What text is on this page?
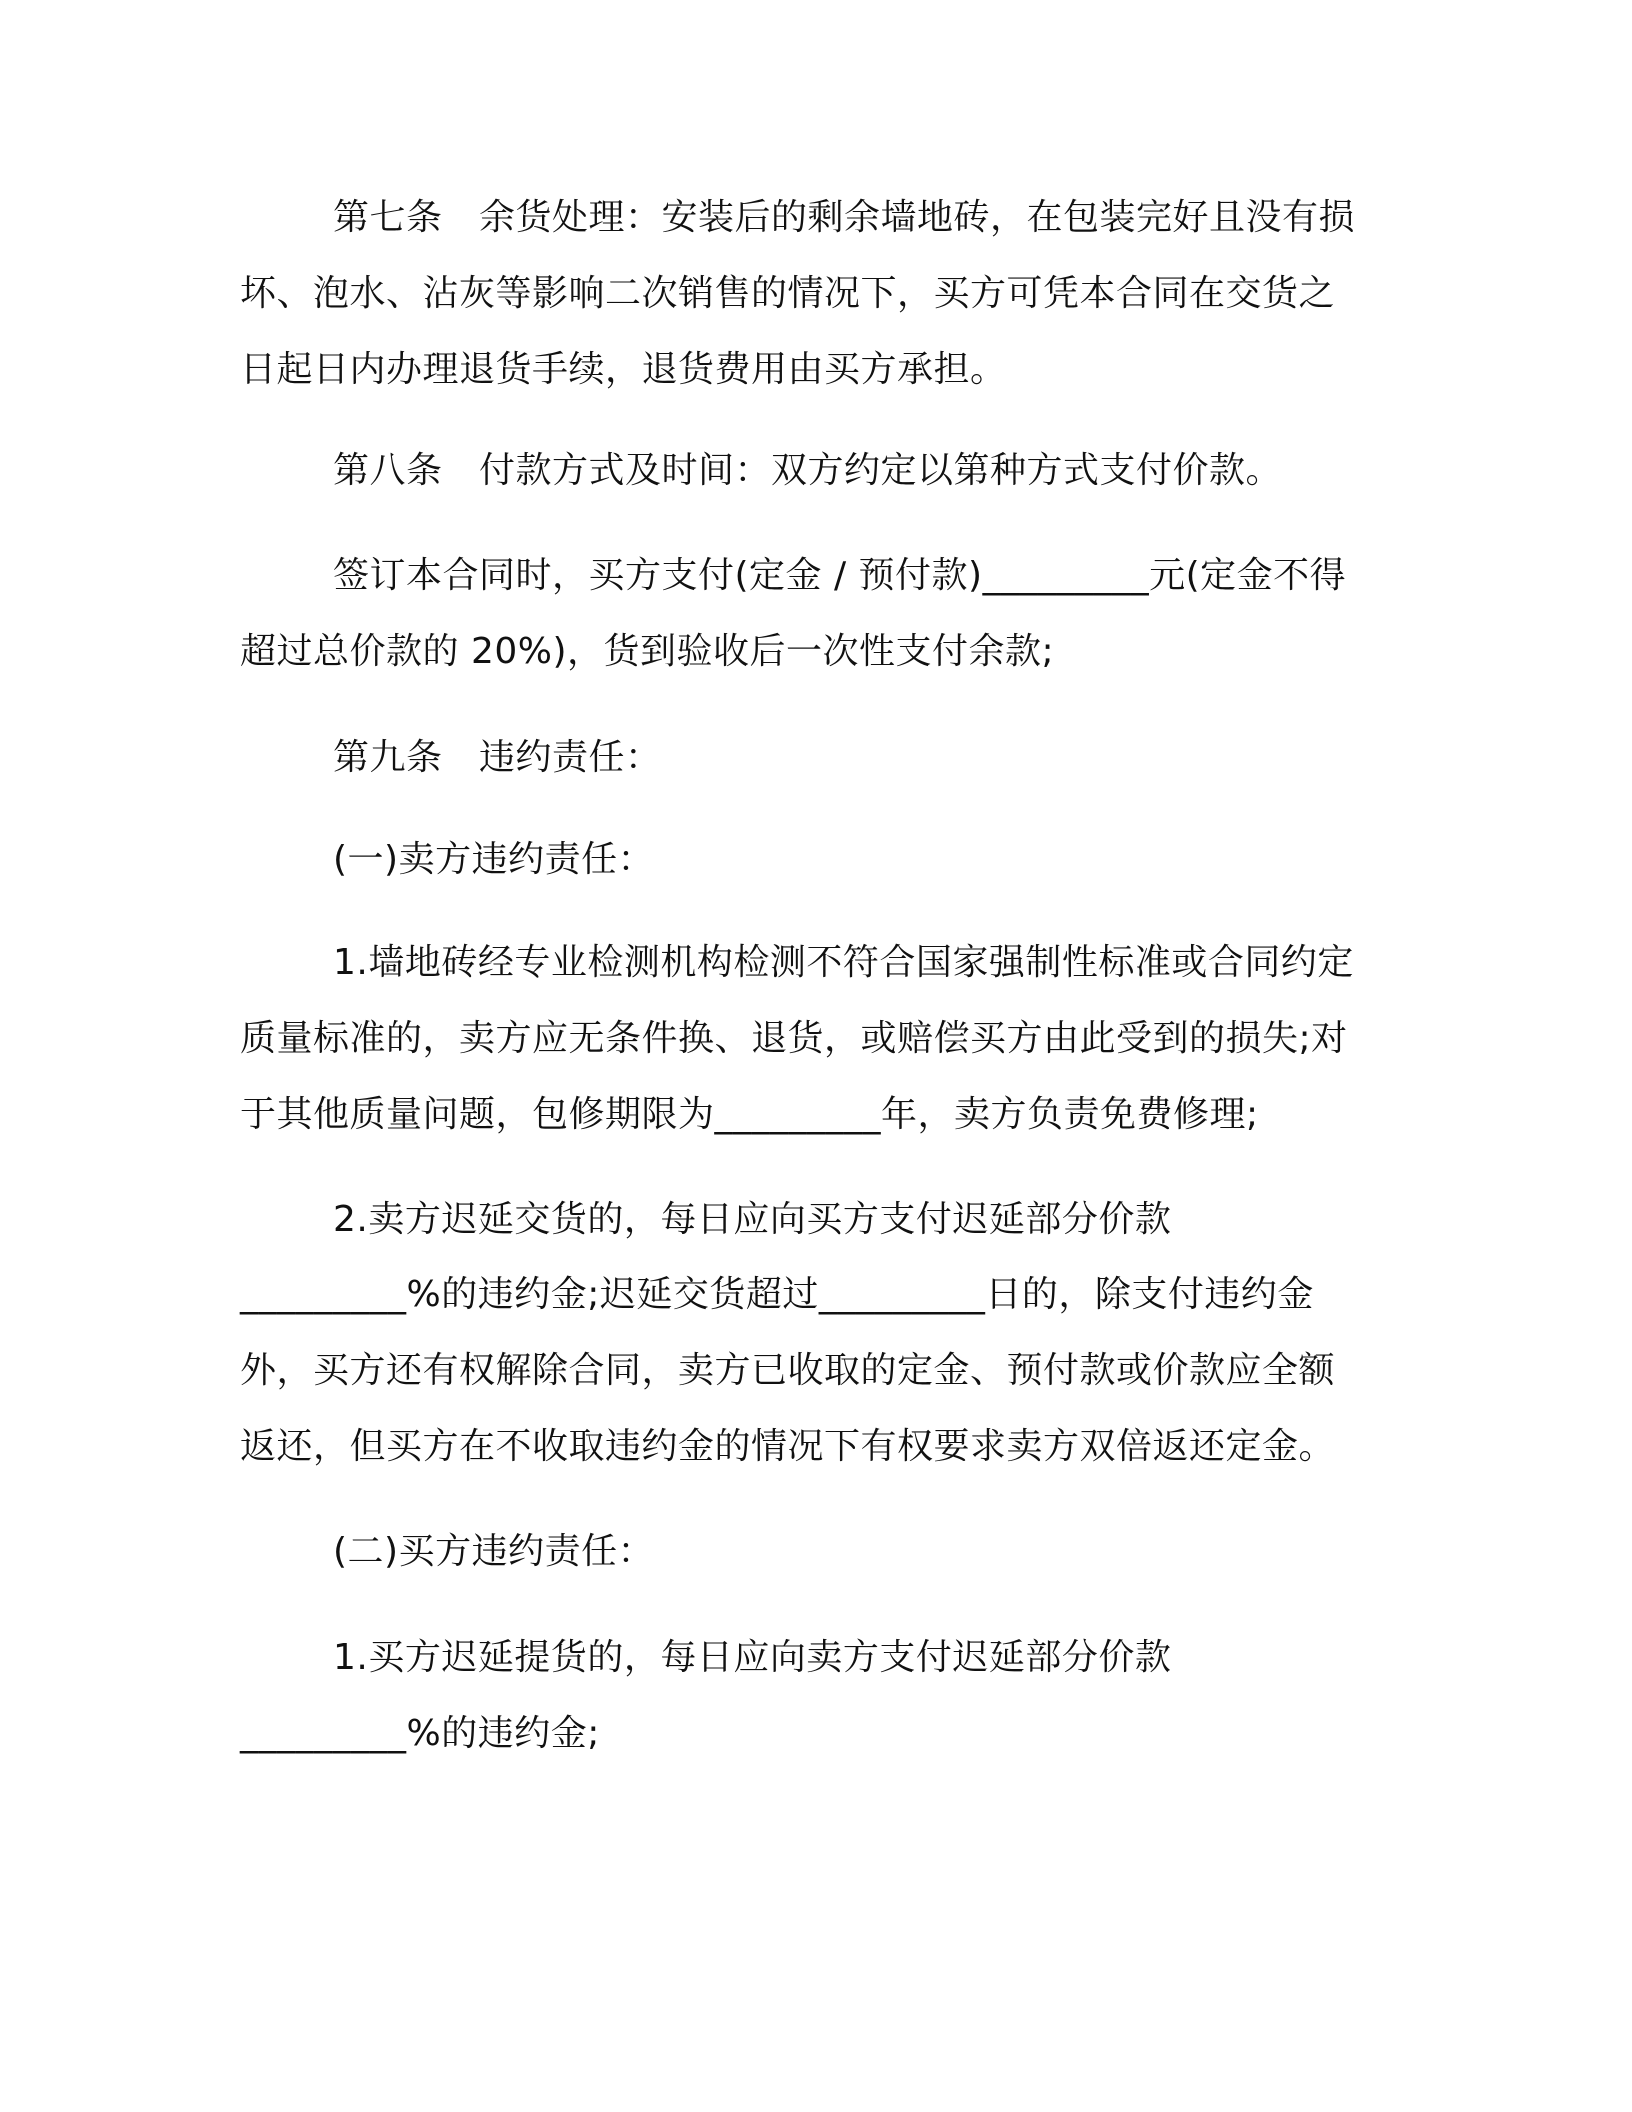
第七条　余货处理：安装后的剩余墙地砖，在包装完好且没有损
坏、泡水、沾灰等影响二次销售的情况下，买方可凭本合同在交货之
日起日内办理退货手续，退货费用由买方承担。
第八条　付款方式及时间：双方约定以第种方式支付价款。
签订本合同时，买方支付(定金 / 预付款)_________元(定金不得
超过总价款的 20%)，货到验收后一次性支付余款;
第九条　违约责任：
(一)卖方违约责任：
1.墙地砖经专业检测机构检测不符合国家强制性标准或合同约定
质量标准的，卖方应无条件换、退货，或赔偿买方由此受到的损失;对
于其他质量问题，包修期限为_________年，卖方负责免费修理;
2.卖方迟延交货的，每日应向买方支付迟延部分价款
_________%的违约金;迟延交货超过_________日的，除支付违约金
外，买方还有权解除合同，卖方已收取的定金、预付款或价款应全额
返还，但买方在不收取违约金的情况下有权要求卖方双倍返还定金。
(二)买方违约责任：
1.买方迟延提货的，每日应向卖方支付迟延部分价款
_________%的违约金;
